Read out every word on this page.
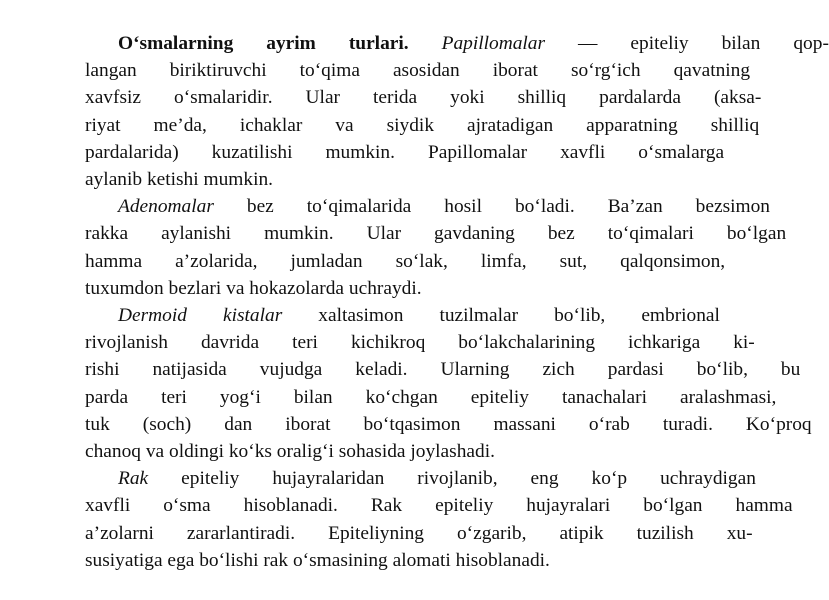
O‘smalarning	ayrim	turlari.	Papillomalar	—	epiteliy	bilan	qop-
langan	biriktiruvchi	to‘qima	asosidan	iborat	so‘rg‘ich	qavatning
xavfsiz	o‘smalaridir.	Ular	terida	yoki	shilliq	pardalarda	(aksa-
riyat	me’da,	ichaklar	va	siydik	ajratadigan	apparatning	shilliq
pardalarida)	kuzatilishi	mumkin.	Papillomalar	xavfli	o‘smalarga
aylanib ketishi mumkin.
Adenomalar	bez	to‘qimalarida	hosil	bo‘ladi.	Ba’zan	bezsimon
rakka	aylanishi	mumkin.	Ular	gavdaning	bez	to‘qimalari	bo‘lgan
hamma	a’zolarida,	jumladan	so‘lak,	limfa,	sut,	qalqonsimon,
tuxumdon bezlari va hokazolarda uchraydi.
Dermoid	kistalar	xaltasimon	tuzilmalar	bo‘lib,	embrional
rivojlanish	davrida	teri	kichikroq	bo‘lakchalarining	ichkariga	ki-
rishi	natijasida	vujudga	keladi.	Ularning	zich	pardasi	bo‘lib,	bu
parda	teri	yog‘i	bilan	ko‘chgan	epiteliy	tanachalari	aralashmasi,
tuk	(soch)	dan	iborat	bo‘tqasimon	massani	o‘rab	turadi.	Ko‘proq
chanoq va oldingi ko‘ks oralig‘i sohasida joylashadi.
Rak	epiteliy	hujayralaridan	rivojlanib,	eng	ko‘p	uchraydigan
xavfli	o‘sma	hisoblanadi.	Rak	epiteliy	hujayralari	bo‘lgan	hamma
a’zolarni	zararlantiradi.	Epiteliyning	o‘zgarib,	atipik	tuzilish	xu-
susiyatiga ega bo‘lishi rak o‘smasining alomati hisoblanadi.
